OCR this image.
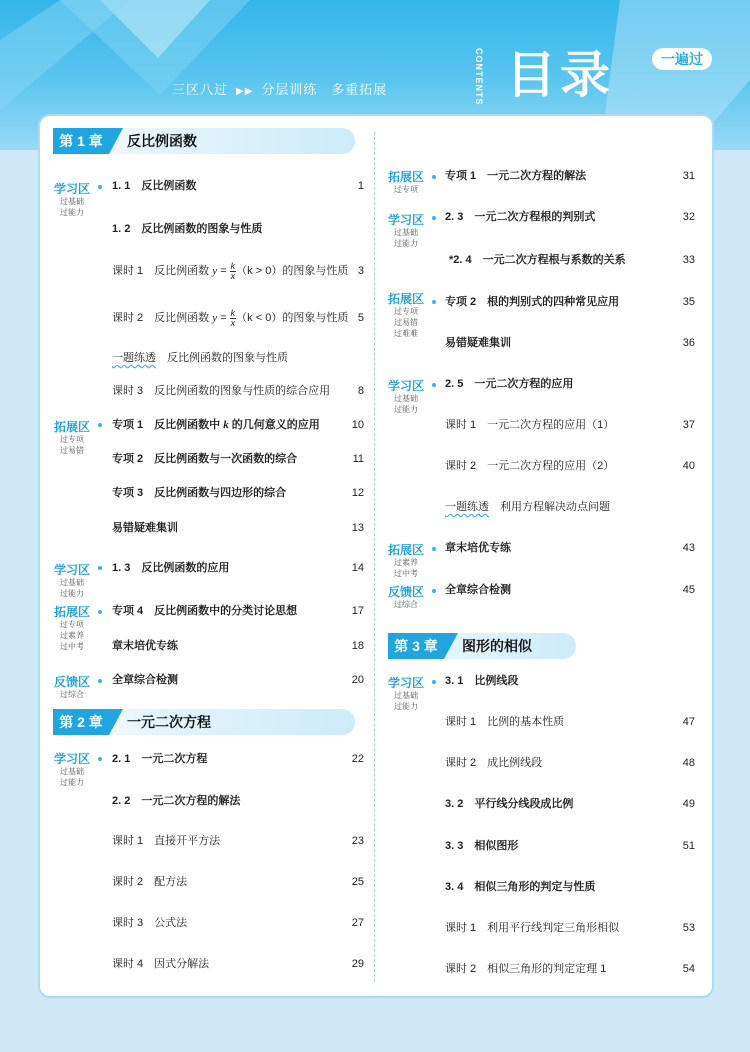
三区八过 ▶▶ 分层训练 多重拓展	CONTENTS 目录	一遍过
第 1 章	反比例函数
第 2 章	一元二次方程
第 3 章	图形的相似
学习区
过基础
过能力
拓展区
过专项
过易错
学习区
过基础
过能力
拓展区
过专项
过素养
过中考
反馈区
过综合
学习区
过基础
过能力
拓展区
过专项
学习区
过基础
过能力
拓展区
过专项
过易错
过难难
学习区
过基础
过能力
拓展区
过素养
过中考
反馈区
过综合
学习区
过基础
过能力
1. 1　反比例函数	1
1. 2　反比例函数的图象与性质
课时 1　反比例函数 $y = \frac{k}{x} (k > 0)$的图象与性质 3
课时 2　反比例函数 $y = \frac{k}{x} (k < 0)$的图象与性质 5
一题练透　反比例函数的图象与性质
课时 3　反比例函数的图象与性质的综合应用	8
专项 1　反比例函数中 k 的几何意义的应用	10
专项 2　反比例函数与一次函数的综合	11
专项 3　反比例函数与四边形的综合	12
易错疑难集训	13
1. 3　反比例函数的应用	14
专项 4　反比例函数中的分类讨论思想	17
章末培优专练	18
全章综合检测	20
2. 1　一元二次方程	22
2. 2　一元二次方程的解法
课时 1　直接开平方法	23
课时 2　配方法	25
课时 3　公式法	27
课时 4　因式分解法	29
专项 1　一元二次方程的解法	31
2. 3　一元二次方程根的判别式	32
*2. 4　一元二次方程根与系数的关系	33
专项 2　根的判别式的四种常见应用	35
易错疑难集训	36
2. 5　一元二次方程的应用
课时 1　一元二次方程的应用（1）	37
课时 2　一元二次方程的应用（2）	40
一题练透　利用方程解决动点问题
章末培优专练	43
全章综合检测	45
3. 1　比例线段
课时 1　比例的基本性质	47
课时 2　成比例线段	48
3. 2　平行线分线段成比例	49
3. 3　相似图形	51
3. 4　相似三角形的判定与性质
课时 1　利用平行线判定三角形相似	53
课时 2　相似三角形的判定定理 1	54
